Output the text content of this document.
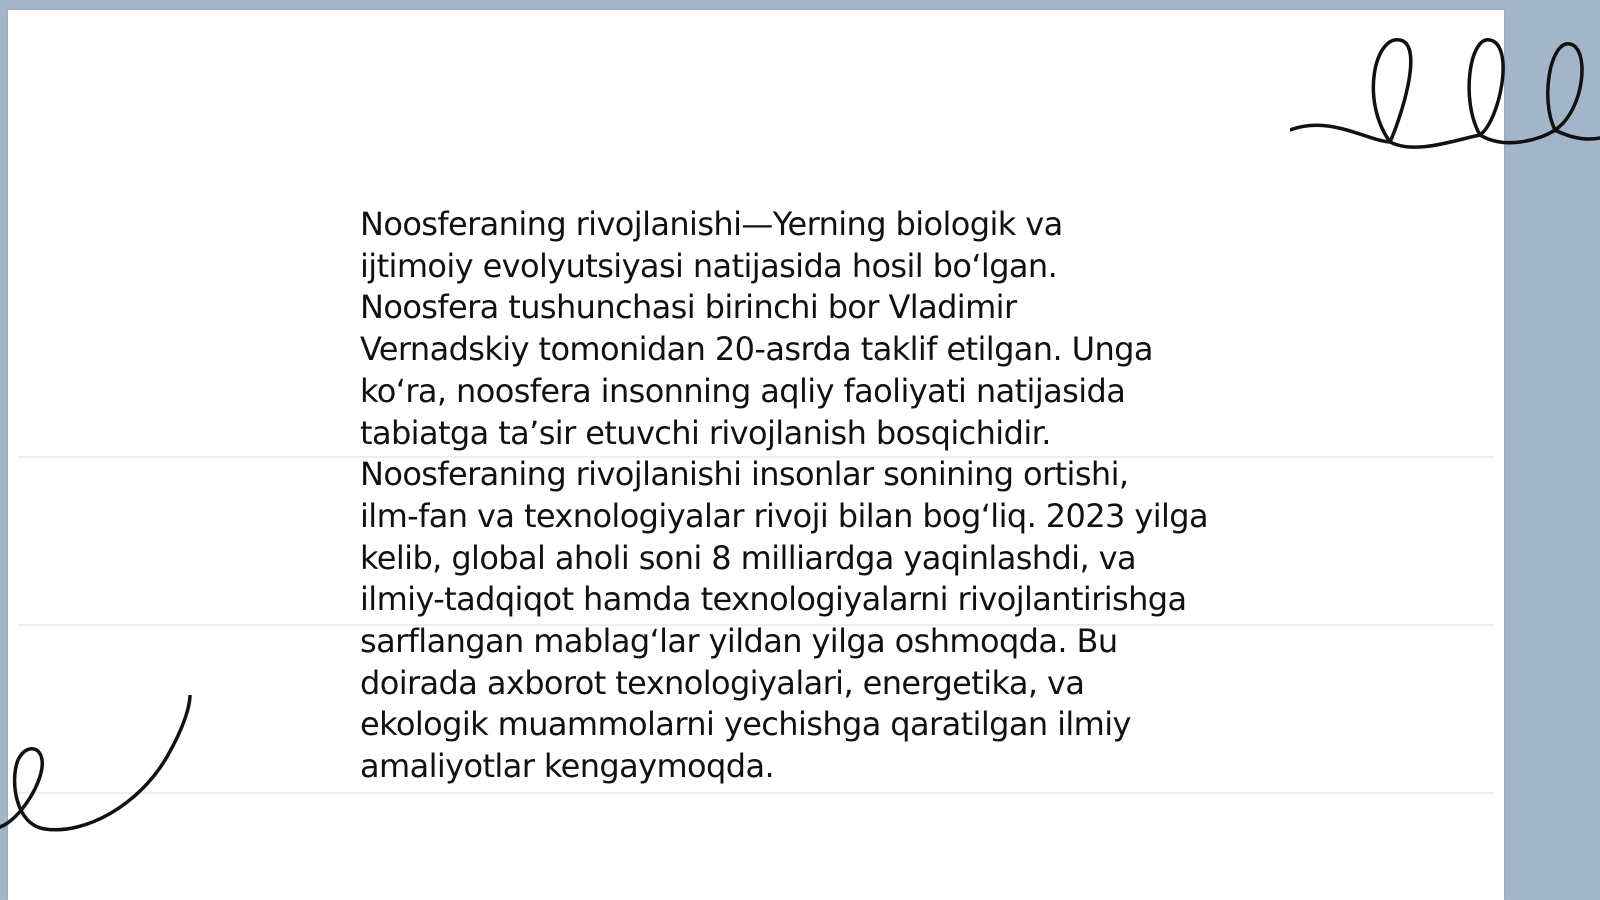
Noosferaning rivojlanishi—Yerning biologik va
ijtimoiy evolyutsiyasi natijasida hosil boʻlgan.
Noosfera tushunchasi birinchi bor Vladimir
Vernadskiy tomonidan 20-asrda taklif etilgan. Unga
koʻra, noosfera insonning aqliy faoliyati natijasida
tabiatga ta’sir etuvchi rivojlanish bosqichidir.
Noosferaning rivojlanishi insonlar sonining ortishi,
ilm-fan va texnologiyalar rivoji bilan bogʻliq. 2023 yilga
kelib, global aholi soni 8 milliardga yaqinlashdi, va
ilmiy-tadqiqot hamda texnologiyalarni rivojlantirishga
sarflangan mablagʻlar yildan yilga oshmoqda. Bu
doirada axborot texnologiyalari, energetika, va
ekologik muammolarni yechishga qaratilgan ilmiy
amaliyotlar kengaymoqda.
